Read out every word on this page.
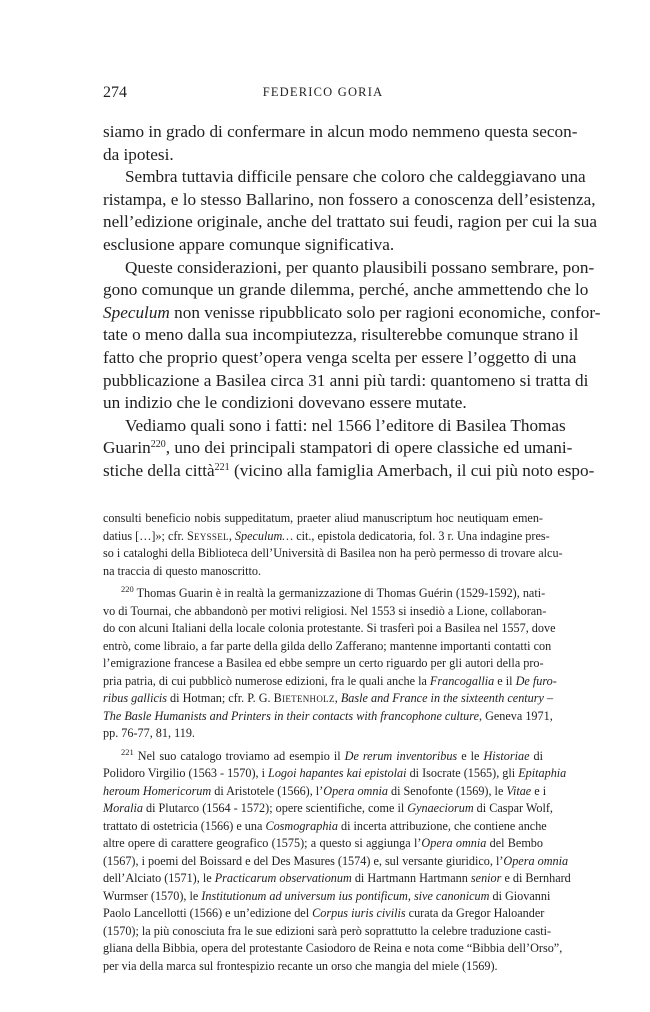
274	FEDERICO GORIA
siamo in grado di confermare in alcun modo nemmeno questa secon-
da ipotesi.
Sembra tuttavia difficile pensare che coloro che caldeggiavano una
ristampa, e lo stesso Ballarino, non fossero a conoscenza dell’esistenza,
nell’edizione originale, anche del trattato sui feudi, ragion per cui la sua
esclusione appare comunque significativa.
Queste considerazioni, per quanto plausibili possano sembrare, pon-
gono comunque un grande dilemma, perché, anche ammettendo che lo
Speculum non venisse ripubblicato solo per ragioni economiche, confor-
tate o meno dalla sua incompiutezza, risulterebbe comunque strano il
fatto che proprio quest’opera venga scelta per essere l’oggetto di una
pubblicazione a Basilea circa 31 anni più tardi: quantomeno si tratta di
un indizio che le condizioni dovevano essere mutate.
Vediamo quali sono i fatti: nel 1566 l’editore di Basilea Thomas
Guarin$^{220}$, uno dei principali stampatori di opere classiche ed umani-
stiche della città$^{221}$ (vicino alla famiglia Amerbach, il cui più noto espo-
consulti beneficio nobis suppeditatum, praeter aliud manuscriptum hoc neutiquam emen-
datius […]»; cfr. Seyssel, Speculum… cit., epistola dedicatoria, fol. 3 r. Una indagine pres-
so i cataloghi della Biblioteca dell’Università di Basilea non ha però permesso di trovare alcu-
na traccia di questo manoscritto.
$^{220}$ Thomas Guarin è in realtà la germanizzazione di Thomas Guérin (1529-1592), nati-
vo di Tournai, che abbandonò per motivi religiosi. Nel 1553 si insediò a Lione, collaboran-
do con alcuni Italiani della locale colonia protestante. Si trasferì poi a Basilea nel 1557, dove
entrò, come libraio, a far parte della gilda dello Zafferano; mantenne importanti contatti con
l’emigrazione francese a Basilea ed ebbe sempre un certo riguardo per gli autori della pro-
pria patria, di cui pubblicò numerose edizioni, fra le quali anche la Francogallia e il De furo-
ribus gallicis di Hotman; cfr. P. G. Bietenholz, Basle and France in the sixteenth century –
The Basle Humanists and Printers in their contacts with francophone culture, Geneva 1971,
pp. 76-77, 81, 119.
$^{221}$ Nel suo catalogo troviamo ad esempio il De rerum inventoribus e le Historiae di
Polidoro Virgilio (1563 - 1570), i Logoi hapantes kai epistolai di Isocrate (1565), gli Epitaphia
heroum Homericorum di Aristotele (1566), l’Opera omnia di Senofonte (1569), le Vitae e i
Moralia di Plutarco (1564 - 1572); opere scientifiche, come il Gynaeciorum di Caspar Wolf,
trattato di ostetricia (1566) e una Cosmographia di incerta attribuzione, che contiene anche
altre opere di carattere geografico (1575); a questo si aggiunga l’Opera omnia del Bembo
(1567), i poemi del Boissard e del Des Masures (1574) e, sul versante giuridico, l’Opera omnia
dell’Alciato (1571), le Practicarum observationum di Hartmann Hartmann senior e di Bernhard
Wurmser (1570), le Institutionum ad universum ius pontificum, sive canonicum di Giovanni
Paolo Lancellotti (1566) e un’edizione del Corpus iuris civilis curata da Gregor Haloander
(1570); la più conosciuta fra le sue edizioni sarà però soprattutto la celebre traduzione casti-
gliana della Bibbia, opera del protestante Casiodoro de Reina e nota come “Bibbia dell’Orso”,
per via della marca sul frontespizio recante un orso che mangia del miele (1569).
